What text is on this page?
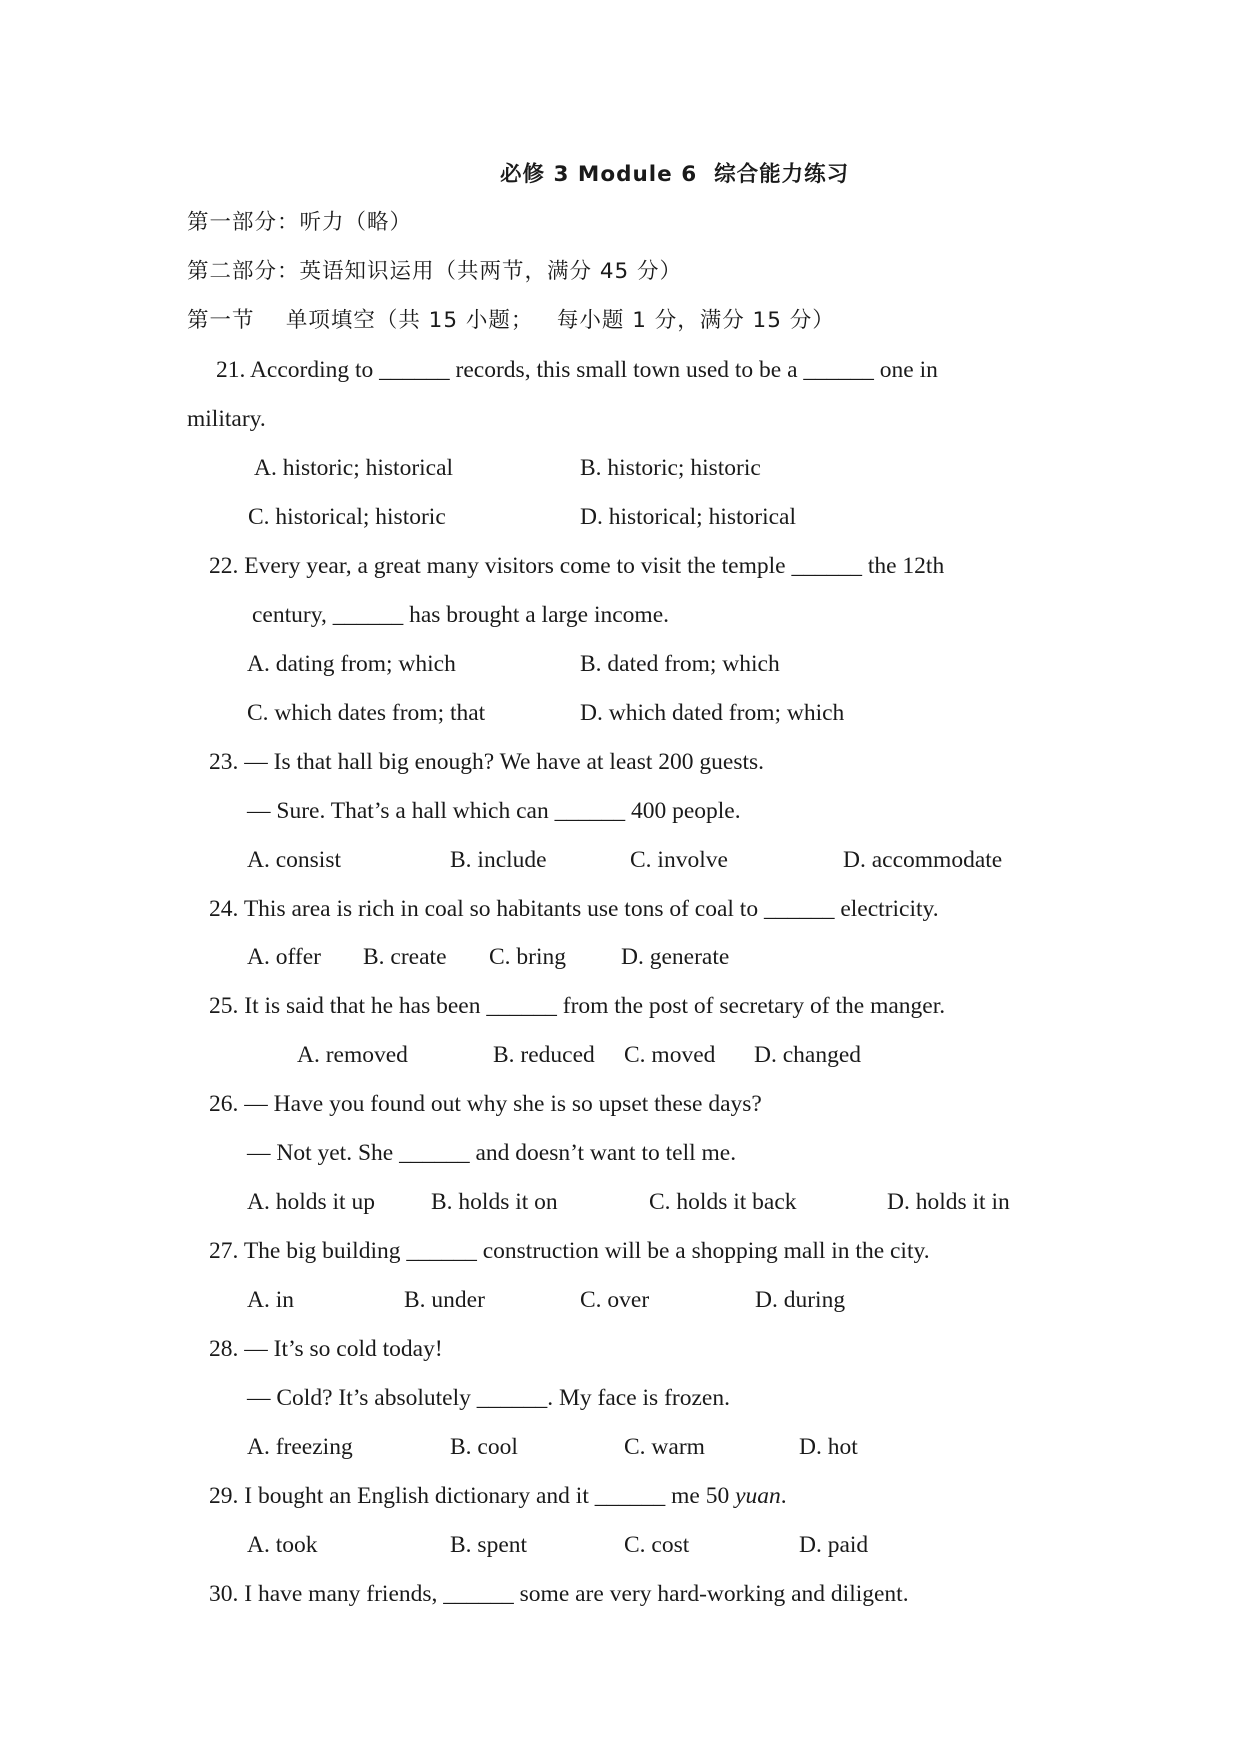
必修 3 Module 6  综合能力练习
第一部分：听力（略）
第二部分：英语知识运用（共两节，满分 45 分）
第一节    单项填空（共 15 小题；   每小题 1 分，满分 15 分）
21. According to ______ records, this small town used to be a ______ one in
military.
A. historic; historical	B. historic; historic
C. historical; historic	D. historical; historical
22. Every year, a great many visitors come to visit the temple ______ the 12th
century, ______ has brought a large income.
A. dating from; which	B. dated from; which
C. which dates from; that	D. which dated from; which
23. — Is that hall big enough? We have at least 200 guests.
— Sure. That’s a hall which can ______ 400 people.
A. consist	B. include	C. involve	D. accommodate
24. This area is rich in coal so habitants use tons of coal to ______ electricity.
A. offer B. create C. bring D. generate
25. It is said that he has been ______ from the post of secretary of the manger.
A. removed	B. reduced C. moved D. changed
26. — Have you found out why she is so upset these days?
— Not yet. She ______ and doesn’t want to tell me.
A. holds it up B. holds it on	C. holds it back	D. holds it in
27. The big building ______ construction will be a shopping mall in the city.
A. in	B. under	C. over	D. during
28. — It’s so cold today!
— Cold? It’s absolutely ______. My face is frozen.
A. freezing	B. cool	C. warm	D. hot
29. I bought an English dictionary and it ______ me 50 yuan.
A. took	B. spent	C. cost	D. paid
30. I have many friends, ______ some are very hard-working and diligent.
